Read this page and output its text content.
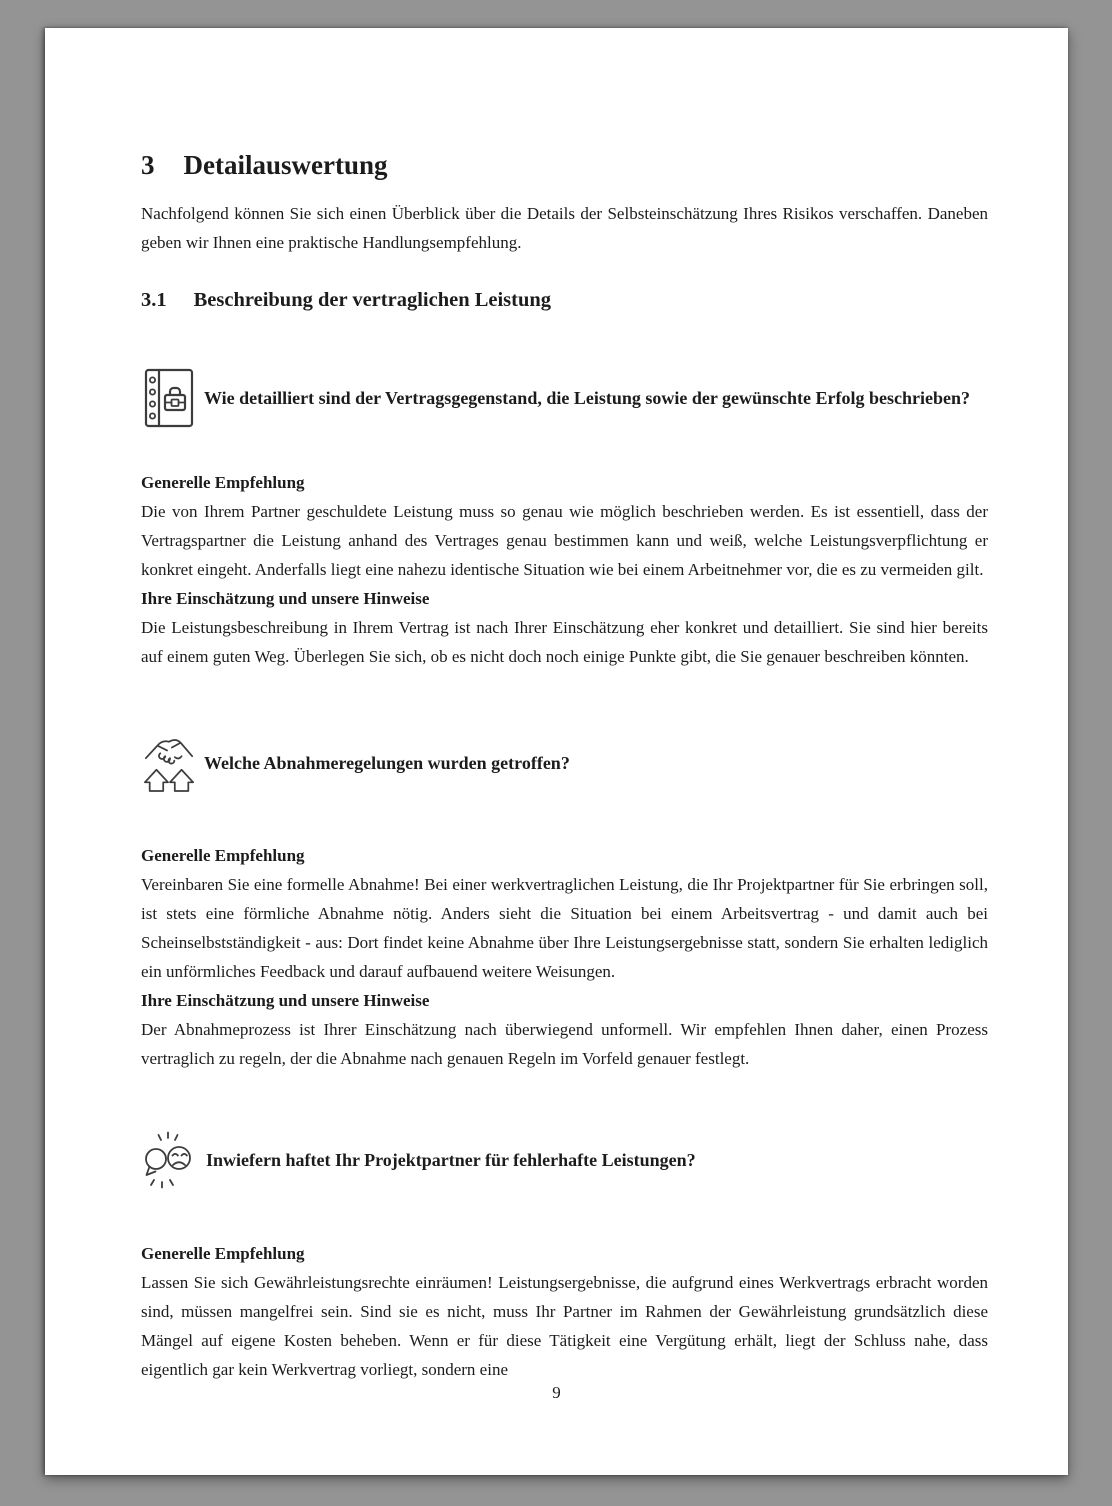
3 Detailauswertung

Nachfolgend können Sie sich einen Überblick über die Details der Selbsteinschätzung Ihres Risikos verschaffen. Daneben geben wir Ihnen eine praktische Handlungsempfehlung.

3.1 Beschreibung der vertraglichen Leistung
Wie detailliert sind der Vertragsgegenstand, die Leistung sowie der gewünschte Erfolg beschrieben?

Generelle Empfehlung

Die von Ihrem Partner geschuldete Leistung muss so genau wie möglich beschrieben werden. Es ist essentiell, dass der Vertragspartner die Leistung anhand des Vertrages genau bestimmen kann und weiß, welche Leistungsverpflichtung er konkret eingeht. Anderfalls liegt eine nahezu identische Situation wie bei einem Arbeitnehmer vor, die es zu vermeiden gilt.

Ihre Einschätzung und unsere Hinweise

Die Leistungsbeschreibung in Ihrem Vertrag ist nach Ihrer Einschätzung eher konkret und detailliert. Sie sind hier bereits auf einem guten Weg. Überlegen Sie sich, ob es nicht doch noch einige Punkte gibt, die Sie genauer beschreiben könnten.

Welche Abnahmeregelungen wurden getroffen?

Generelle Empfehlung

Vereinbaren Sie eine formelle Abnahme! Bei einer werkvertraglichen Leistung, die Ihr Projektpartner für Sie erbringen soll, ist stets eine förmliche Abnahme nötig. Anders sieht die Situation bei einem Arbeitsvertrag - und damit auch bei Scheinselbstständigkeit - aus: Dort findet keine Abnahme über Ihre Leistungsergebnisse statt, sondern Sie erhalten lediglich ein unförmliches Feedback und darauf aufbauend weitere Weisungen.

Ihre Einschätzung und unsere Hinweise

Der Abnahmeprozess ist Ihrer Einschätzung nach überwiegend unformell. Wir empfehlen Ihnen daher, einen Prozess vertraglich zu regeln, der die Abnahme nach genauen Regeln im Vorfeld genauer festlegt.

Inwiefern haftet Ihr Projektpartner für fehlerhafte Leistungen?

Generelle Empfehlung

Lassen Sie sich Gewährleistungsrechte einräumen! Leistungsergebnisse, die aufgrund eines Werkvertrags erbracht worden sind, müssen mangelfrei sein. Sind sie es nicht, muss Ihr Partner im Rahmen der Gewährleistung grundsätzlich diese Mängel auf eigene Kosten beheben. Wenn er für diese Tätigkeit eine Vergütung erhält, liegt der Schluss nahe, dass eigentlich gar kein Werkvertrag vorliegt, sondern eine

9
